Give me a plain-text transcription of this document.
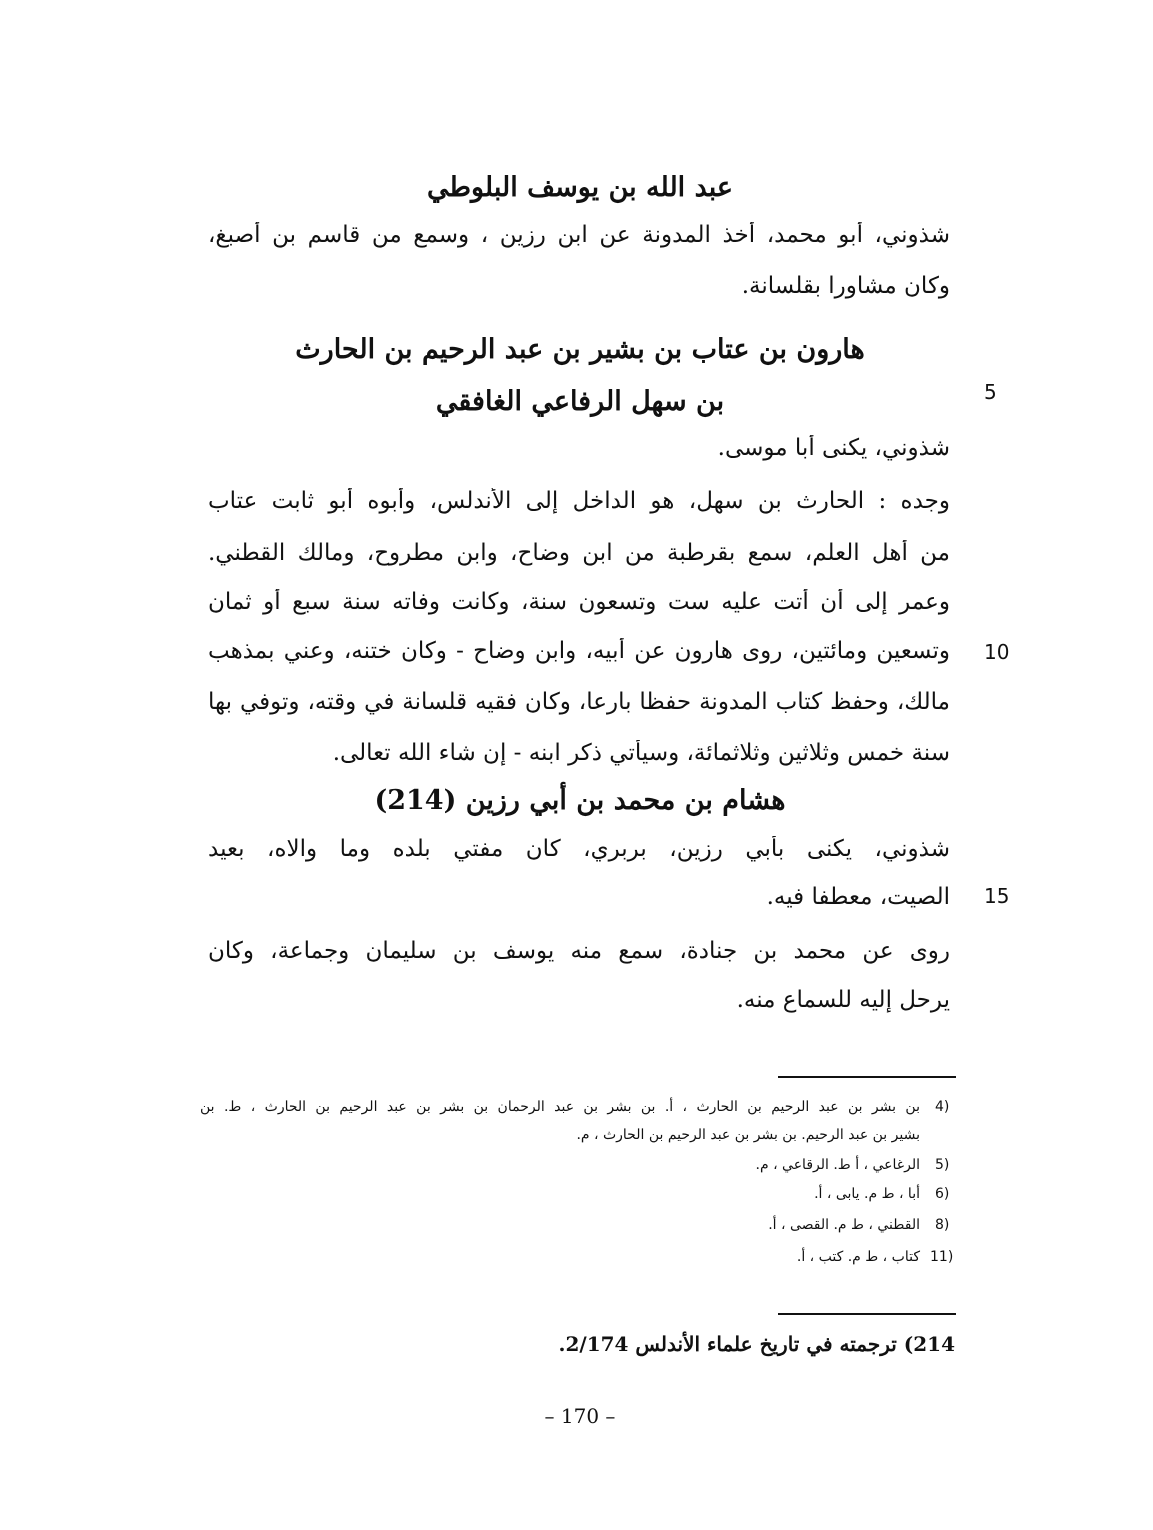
عبد الله بن يوسف البلوطي
شذوني، أبو محمد، أخذ المدونة عن ابن رزين ، وسمع من قاسم بن أصبغ،
وكان مشاورا بقلسانة.
هارون بن عتاب بن بشير بن عبد الرحيم بن الحارث
بن سهل الرفاعي الغافقي	5
شذوني، يكنى أبا موسى.
وجده : الحارث بن سهل، هو الداخل إلى الأندلس، وأبوه أبو ثابت عتاب
من أهل العلم، سمع بقرطبة من ابن وضاح، وابن مطروح، ومالك القطني.
وعمر إلى أن أتت عليه ست وتسعون سنة، وكانت وفاته سنة سبع أو ثمان
10
وتسعين ومائتين، روى هارون عن أبيه، وابن وضاح - وكان ختنه، وعني بمذهب
مالك، وحفظ كتاب المدونة حفظا بارعا، وكان فقيه قلسانة في وقته، وتوفي بها
سنة خمس وثلاثين وثلاثمائة، وسيأتي ذكر ابنه - إن شاء الله تعالى.
هشام بن محمد بن أبي رزين (214)
شذوني، يكنى بأبي رزين، بربري، كان مفتي بلده وما والاه، بعيد
15
الصيت، معطفا فيه.
روى عن محمد بن جنادة، سمع منه يوسف بن سليمان وجماعة، وكان
يرحل إليه للسماع منه.
4)
بن بشر بن عبد الرحيم بن الحارث ، أ. بن بشر بن عبد الرحمان بن بشر بن عبد الرحيم بن الحارث ، ط. بن
بشير بن عبد الرحيم. بن بشر بن عبد الرحيم بن الحارث ، م.
5)
الرغاعي ، أ ط. الرقاعي ، م.
6)
أبا ، ط م. يابى ، أ.
8)
القطني ، ط م. القصى ، أ.
11)
كتاب ، ط م. كتب ، أ.
214) ترجمته في تاريخ علماء الأندلس 2/174.
– 170 –
